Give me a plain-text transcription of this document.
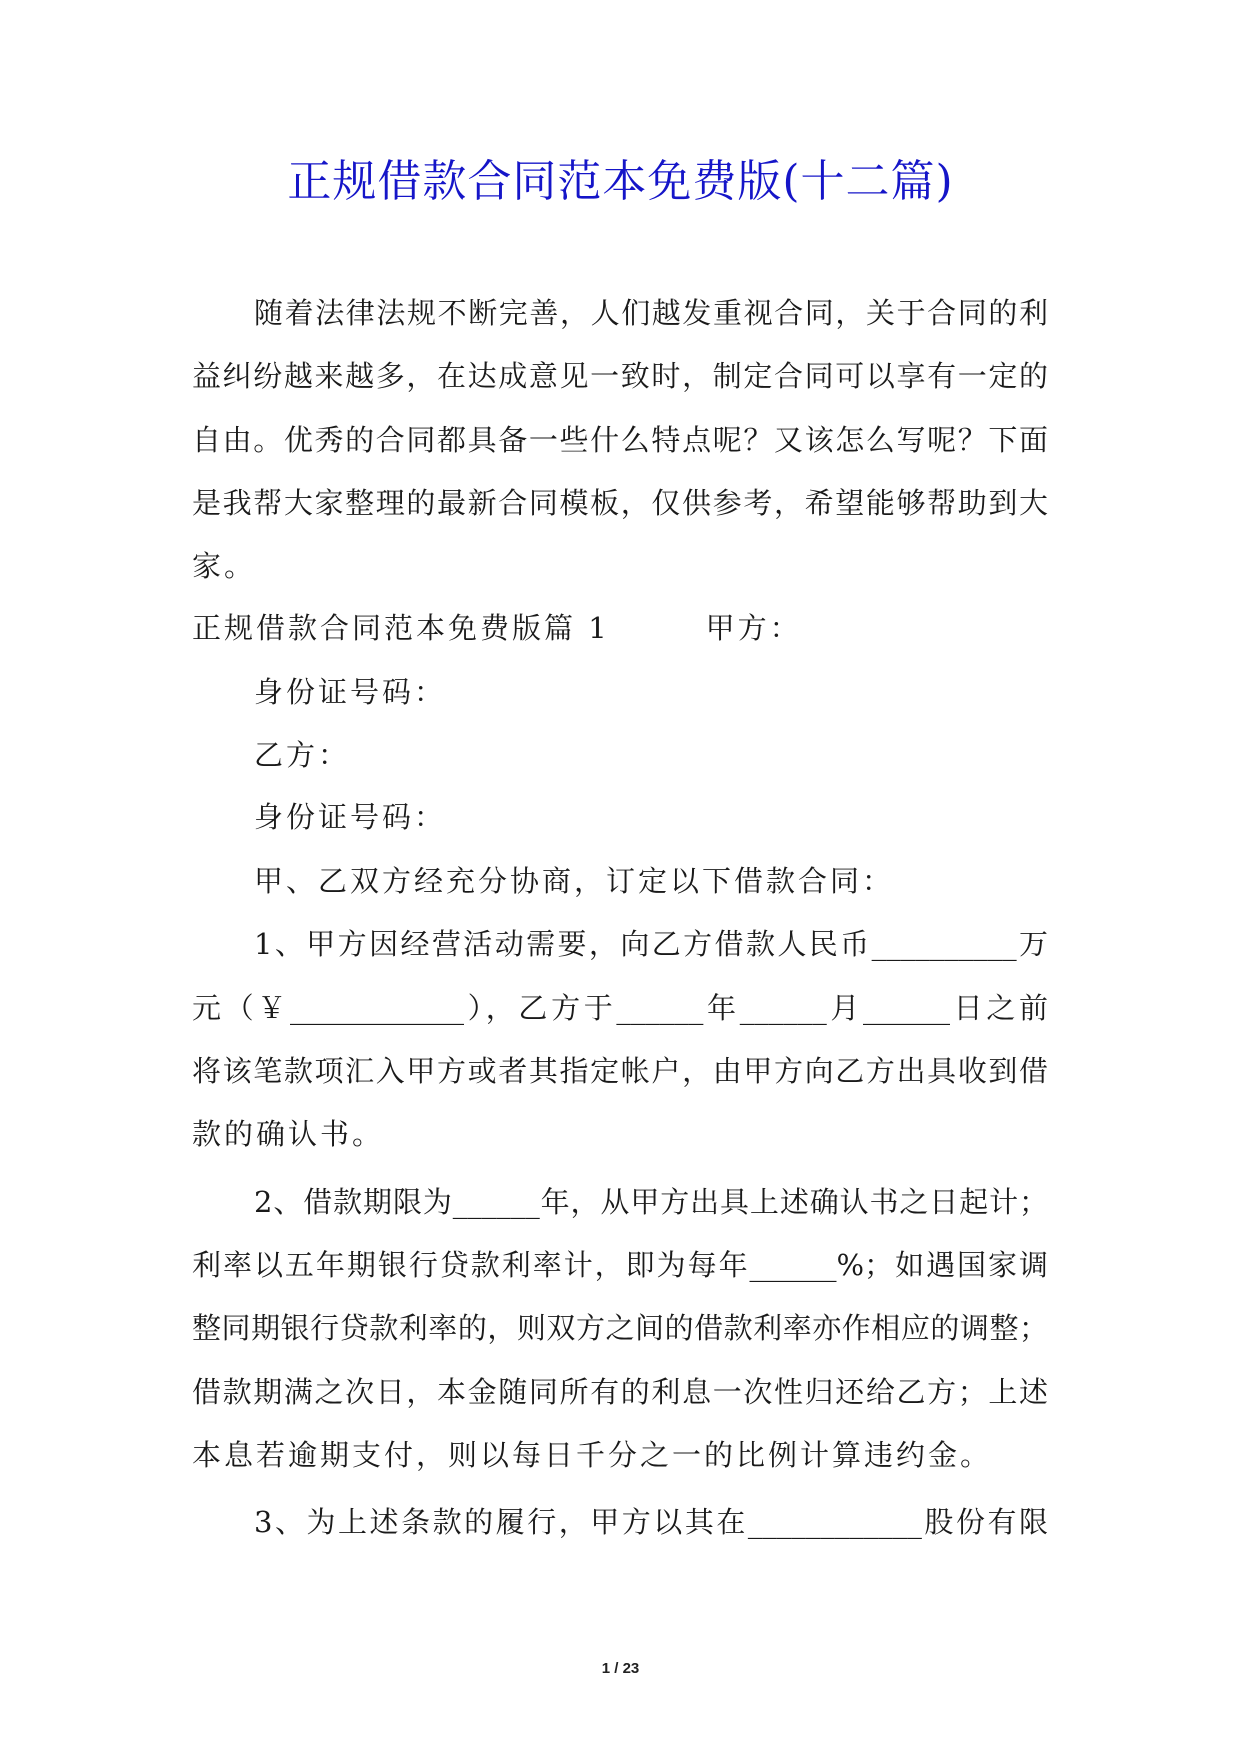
正规借款合同范本免费版(十二篇)
随着法律法规不断完善，人们越发重视合同，关于合同的利
益纠纷越来越多，在达成意见一致时，制定合同可以享有一定的
自由。优秀的合同都具备一些什么特点呢？又该怎么写呢？下面
是我帮大家整理的最新合同模板，仅供参考，希望能够帮助到大
家。
正规借款合同范本免费版篇 1　　　甲方：
身份证号码：
乙方：
身份证号码：
甲、乙双方经充分协商，订定以下借款合同：
1、甲方因经营活动需要，向乙方借款人民币__________万
元（￥____________），乙方于______年______月______日之前
将该笔款项汇入甲方或者其指定帐户，由甲方向乙方出具收到借
款的确认书。
2、借款期限为______年，从甲方出具上述确认书之日起计；
利率以五年期银行贷款利率计，即为每年______%；如遇国家调
整同期银行贷款利率的，则双方之间的借款利率亦作相应的调整；
借款期满之次日，本金随同所有的利息一次性归还给乙方；上述
本息若逾期支付，则以每日千分之一的比例计算违约金。
3、为上述条款的履行，甲方以其在____________股份有限
1 / 23
